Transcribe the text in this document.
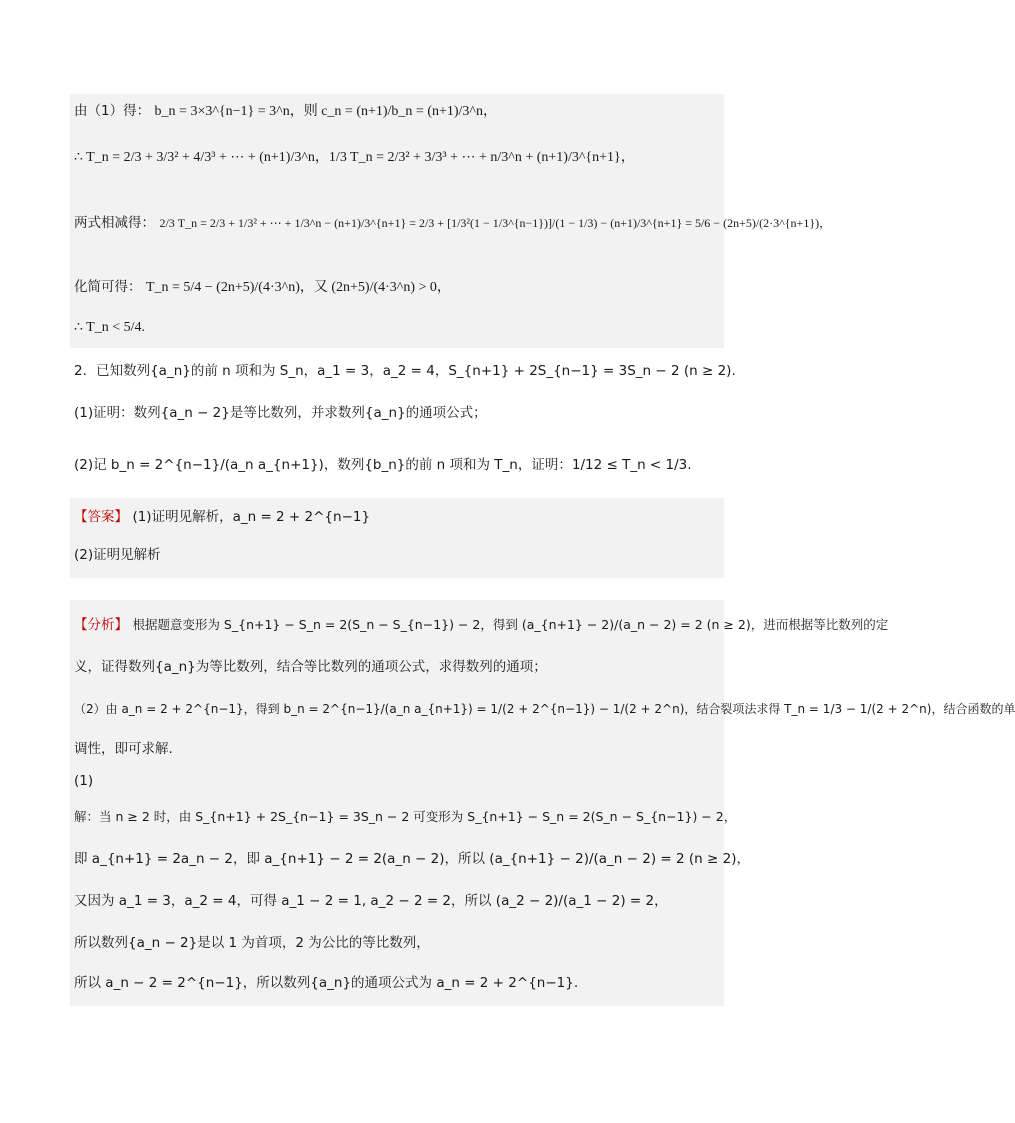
由（1）得： b_n = 3×3^{n−1} = 3^n，则 c_n = (n+1)/b_n = (n+1)/3^n，
∴ T_n = 2/3 + 3/3² + 4/3³ + ⋯ + (n+1)/3^n，1/3 T_n = 2/3² + 3/3³ + ⋯ + n/3^n + (n+1)/3^{n+1}，
两式相减得： 2/3 T_n = 2/3 + 1/3² + ⋯ + 1/3^n − (n+1)/3^{n+1} = 2/3 + [1/3²(1 − 1/3^{n−1})]/(1 − 1/3) − (n+1)/3^{n+1} = 5/6 − (2n+5)/(2·3^{n+1})，
化简可得： T_n = 5/4 − (2n+5)/(4·3^n)，又 (2n+5)/(4·3^n) > 0，
∴ T_n < 5/4.
2．已知数列{a_n}的前 n 项和为 S_n，a_1 = 3，a_2 = 4，S_{n+1} + 2S_{n−1} = 3S_n − 2 (n ≥ 2).
(1)证明：数列{a_n − 2}是等比数列，并求数列{a_n}的通项公式；
(2)记 b_n = 2^{n−1}/(a_n a_{n+1})，数列{b_n}的前 n 项和为 T_n，证明：1/12 ≤ T_n < 1/3.
【答案】 (1)证明见解析，a_n = 2 + 2^{n−1}
(2)证明见解析
【分析】 根据题意变形为 S_{n+1} − S_n = 2(S_n − S_{n−1}) − 2，得到 (a_{n+1} − 2)/(a_n − 2) = 2 (n ≥ 2)，进而根据等比数列的定
义，证得数列{a_n}为等比数列，结合等比数列的通项公式，求得数列的通项；
（2）由 a_n = 2 + 2^{n−1}，得到 b_n = 2^{n−1}/(a_n a_{n+1}) = 1/(2 + 2^{n−1}) − 1/(2 + 2^n)，结合裂项法求得 T_n = 1/3 − 1/(2 + 2^n)，结合函数的单
调性，即可求解.
(1)
解：当 n ≥ 2 时，由 S_{n+1} + 2S_{n−1} = 3S_n − 2 可变形为 S_{n+1} − S_n = 2(S_n − S_{n−1}) − 2，
即 a_{n+1} = 2a_n − 2，即 a_{n+1} − 2 = 2(a_n − 2)，所以 (a_{n+1} − 2)/(a_n − 2) = 2 (n ≥ 2)，
又因为 a_1 = 3，a_2 = 4，可得 a_1 − 2 = 1, a_2 − 2 = 2，所以 (a_2 − 2)/(a_1 − 2) = 2，
所以数列{a_n − 2}是以 1 为首项，2 为公比的等比数列，
所以 a_n − 2 = 2^{n−1}，所以数列{a_n}的通项公式为 a_n = 2 + 2^{n−1}.
